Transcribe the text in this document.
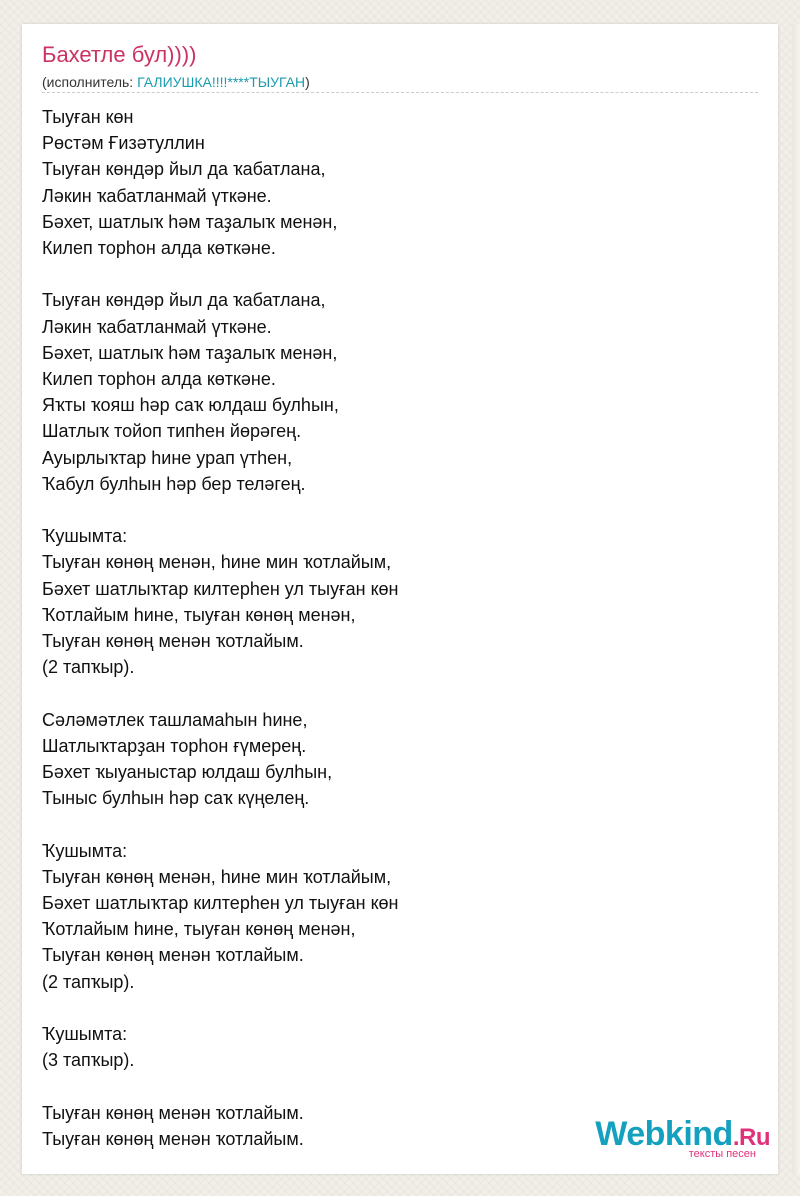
Бахетле бул))))
(исполнитель: ГАЛИУШКА!!!!****ТЫУГАН)
Тыуған көн
Рөстәм Ғизәтуллин
Тыуған көндәр йыл да ҡабатлана,
Ләкин ҡабатланмай үткәне.
Бәхет, шатлыҡ һәм таҙалыҡ менән,
Килеп торһон алда көткәне.
Тыуған көндәр йыл да ҡабатлана,
Ләкин ҡабатланмай үткәне.
Бәхет, шатлыҡ һәм таҙалыҡ менән,
Килеп торһон алда көткәне.
Яҡты ҡояш һәр саҡ юлдаш булһын,
Шатлыҡ тойоп типһен йөрәгең.
Ауырлыҡтар һине урап үтһен,
Ҡабул булһын һәр бер теләгең.
Ҡушымта:
Тыуған көнөң менән, һине мин ҡотлайым,
Бәхет шатлыҡтар килтерһен ул тыуған көн
Ҡотлайым һине, тыуған көнөң менән,
Тыуған көнөң менән ҡотлайым.
(2 тапҡыр).
Сәләмәтлек ташламаһын һине,
Шатлыҡтарҙан торһон ғүмерең.
Бәхет ҡыуаныстар юлдаш булһын,
Тыныс булһын һәр саҡ күңелең.
Ҡушымта:
Тыуған көнөң менән, һине мин ҡотлайым,
Бәхет шатлыҡтар килтерһен ул тыуған көн
Ҡотлайым һине, тыуған көнөң менән,
Тыуған көнөң менән ҡотлайым.
(2 тапҡыр).
Ҡушымта:
(3 тапҡыр).
Тыуған көнөң менән ҡотлайым.
Тыуған көнөң менән ҡотлайым.	Webkind.Ru
тексты песен
